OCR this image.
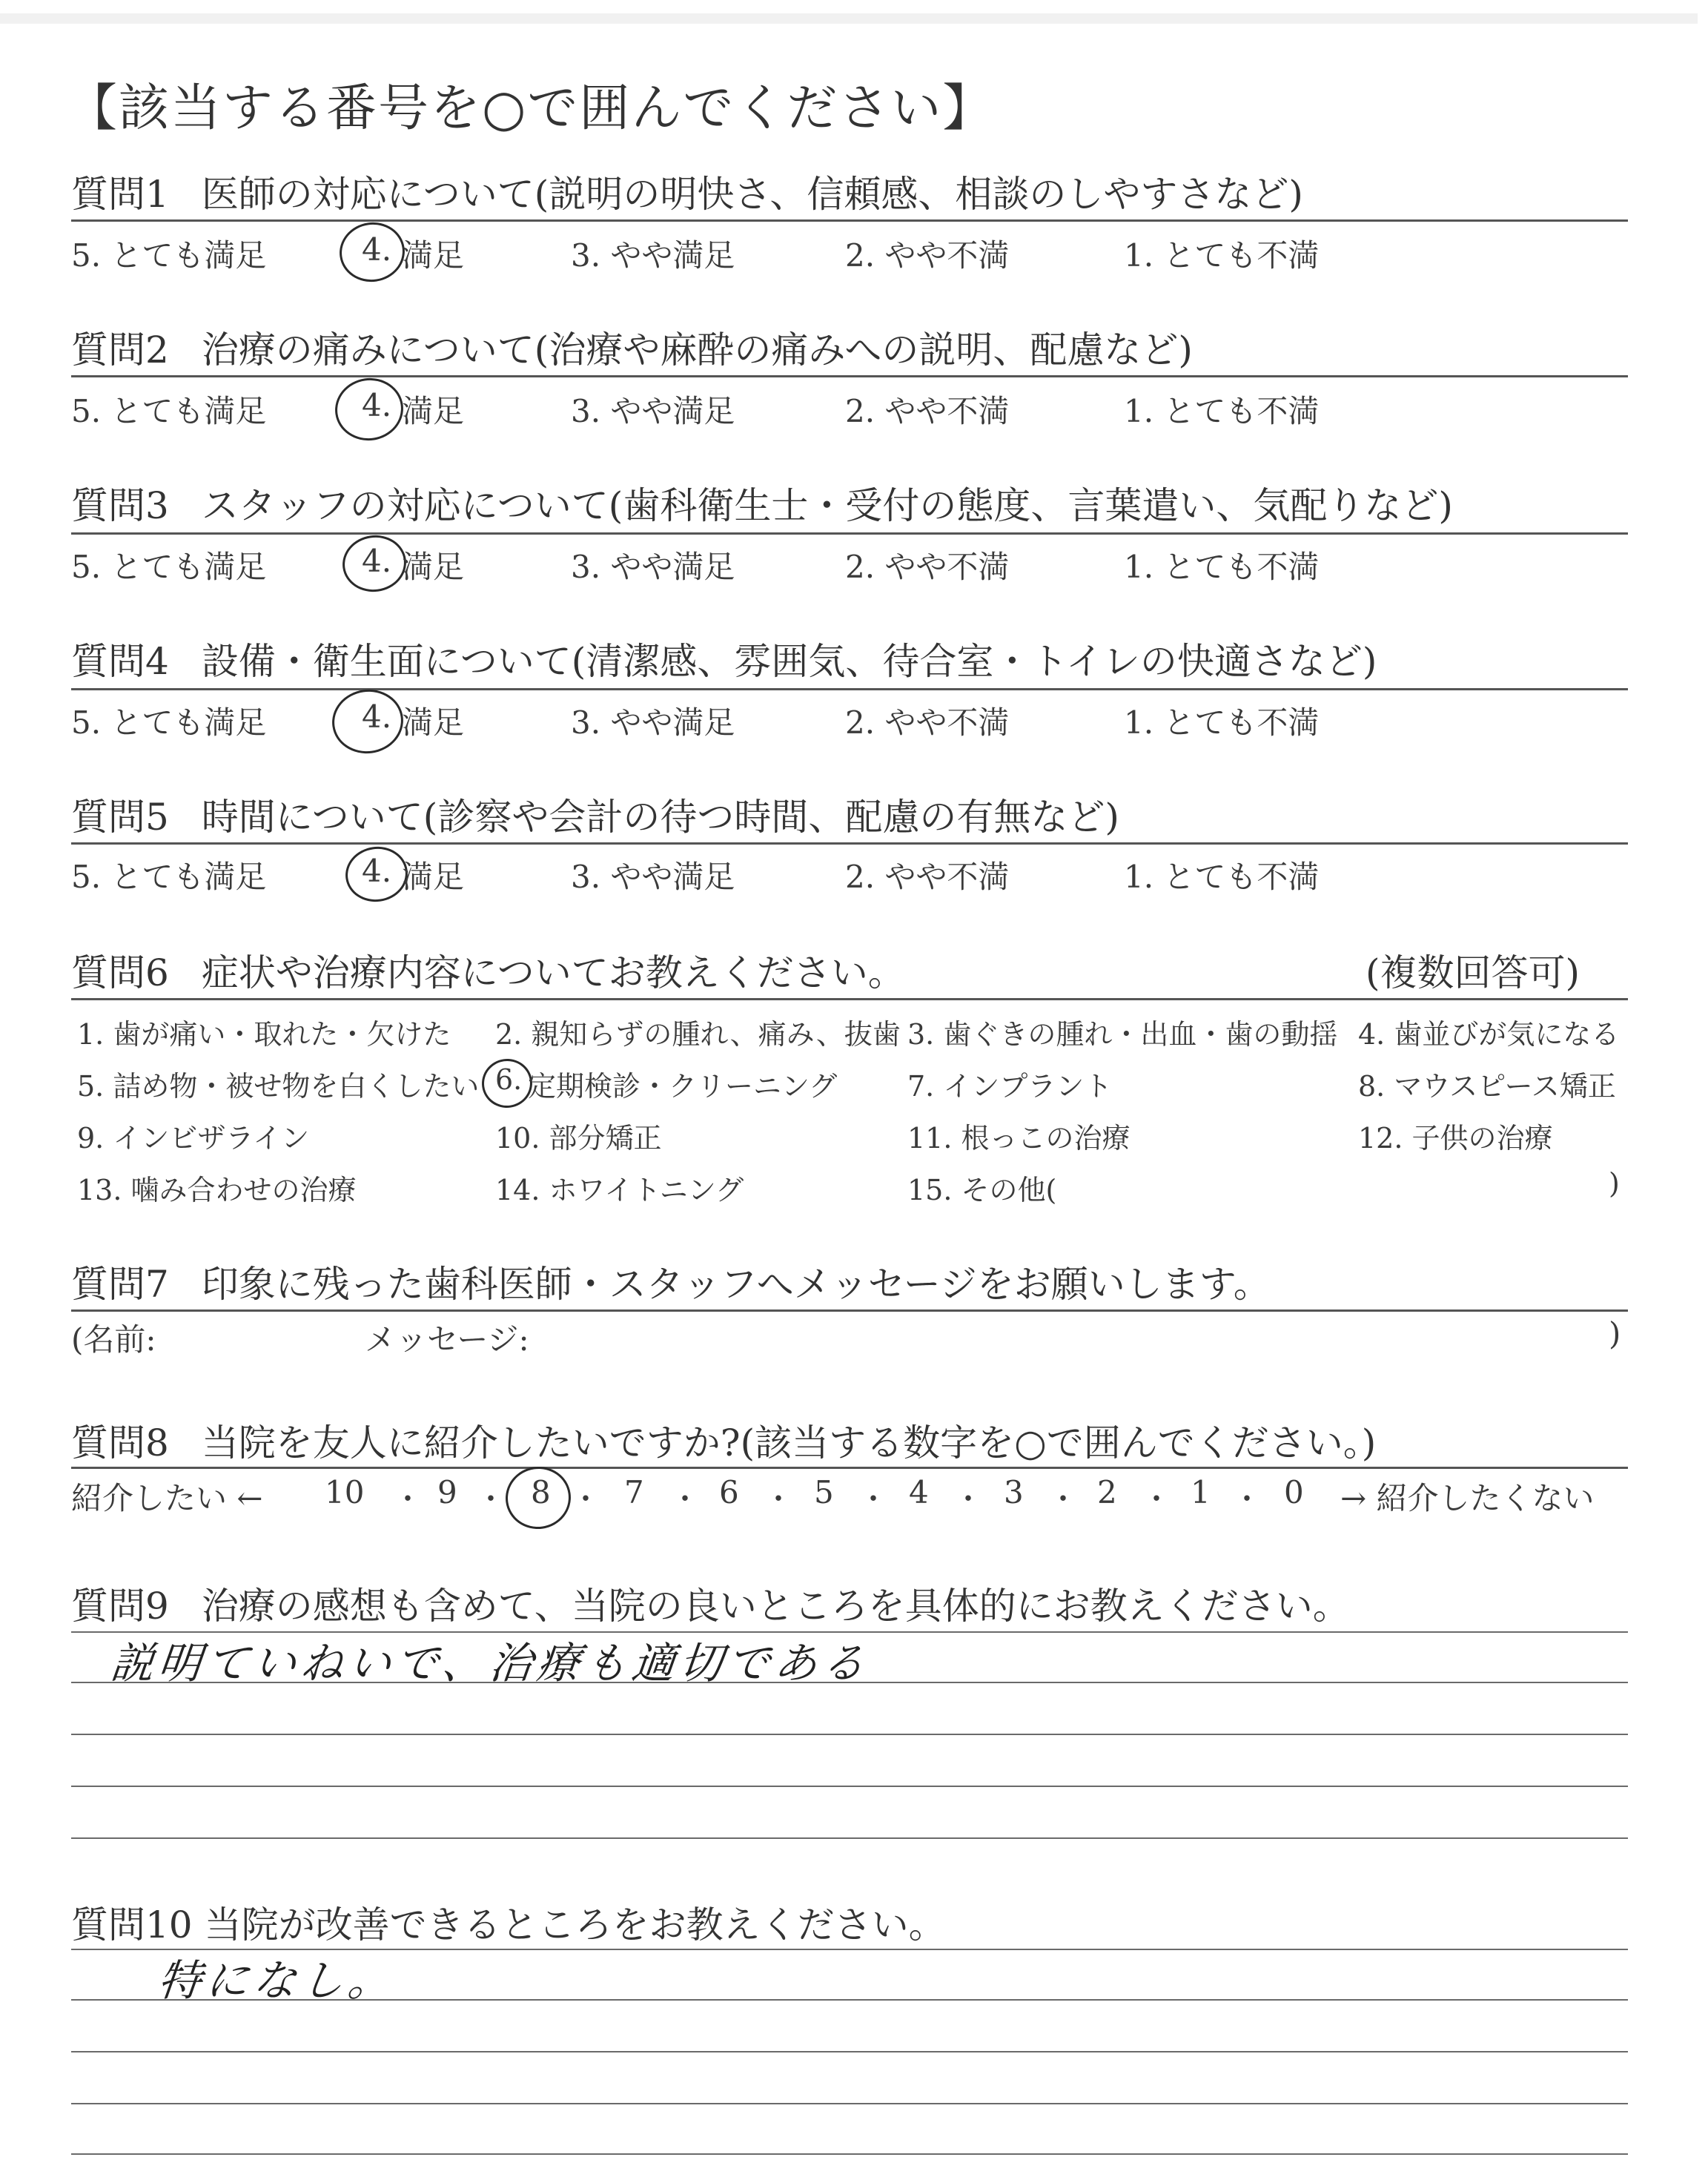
【該当する番号を○で囲んでください】
質問1 医師の対応について(説明の明快さ、信頼感、相談のしやすさなど)
5. とても満足	4. 満足	3. やや満足	2. やや不満	1. とても不満
質問2 治療の痛みについて(治療や麻酔の痛みへの説明、配慮など)
5. とても満足	4. 満足	3. やや満足	2. やや不満	1. とても不満
質問3 スタッフの対応について(歯科衛生士・受付の態度、言葉遣い、気配りなど)
5. とても満足	4. 満足	3. やや満足	2. やや不満	1. とても不満
質問4 設備・衛生面について(清潔感、雰囲気、待合室・トイレの快適さなど)
5. とても満足	4. 満足	3. やや満足	2. やや不満	1. とても不満
質問5 時間について(診察や会計の待つ時間、配慮の有無など)
5. とても満足	4. 満足	3. やや満足	2. やや不満	1. とても不満
質問6 症状や治療内容についてお教えください。	(複数回答可)
1. 歯が痛い・取れた・欠けた 2. 親知らずの腫れ、痛み、抜歯 3. 歯ぐきの腫れ・出血・歯の動揺 4. 歯並びが気になる
5. 詰め物・被せ物を白くしたい 6. 定期検診・クリーニング 7. インプラント	8. マウスピース矯正
9. インビザライン	10. 部分矯正	11. 根っこの治療	12. 子供の治療
13. 噛み合わせの治療	14. ホワイトニング	15. その他(	)
質問7 印象に残った歯科医師・スタッフへメッセージをお願いします。
(名前:	メッセージ:	)
質問8 当院を友人に紹介したいですか?(該当する数字を○で囲んでください。)
紹介したい ← 10 ・ 9 ・ 8 ・ 7 ・ 6 ・ 5 ・ 4 ・ 3 ・ 2 ・ 1 ・ 0 → 紹介したくない
質問9 治療の感想も含めて、当院の良いところを具体的にお教えください。
説明ていねいで、治療も適切である
質問10 当院が改善できるところをお教えください。
特になし。
